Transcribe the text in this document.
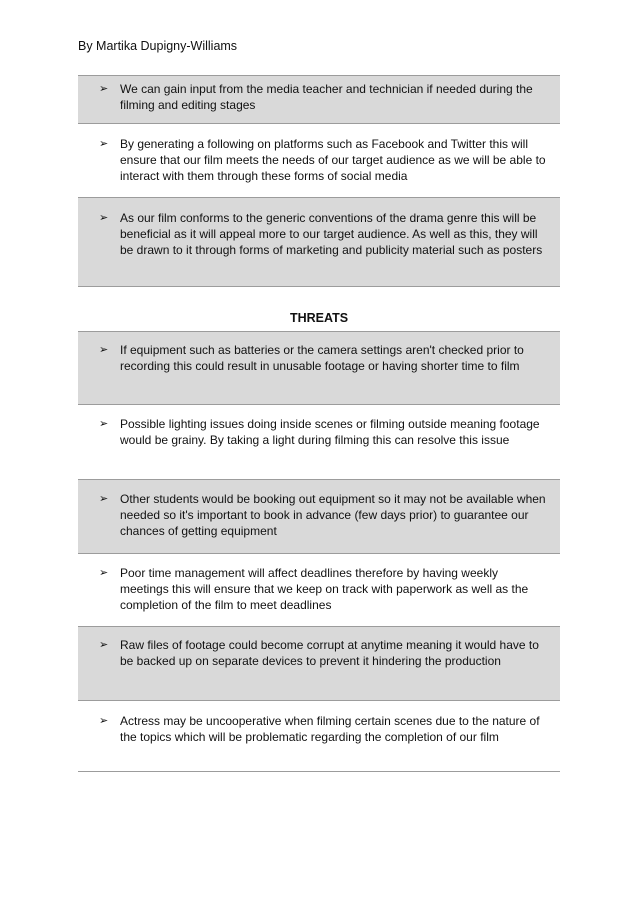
By Martika Dupigny-Williams
➢ We can gain input from the media teacher and technician if needed during the filming and editing stages
➢ By generating a following on platforms such as Facebook and Twitter this will ensure that our film meets the needs of our target audience as we will be able to interact with them through these forms of social media
➢ As our film conforms to the generic conventions of the drama genre this will be beneficial as it will appeal more to our target audience. As well as this, they will be drawn to it through forms of marketing and publicity material such as posters
THREATS
➢ If equipment such as batteries or the camera settings aren't checked prior to recording this could result in unusable footage or having shorter time to film
➢ Possible lighting issues doing inside scenes or filming outside meaning footage would be grainy. By taking a light during filming this can resolve this issue
➢ Other students would be booking out equipment so it may not be available when needed so it's important to book in advance (few days prior) to guarantee our chances of getting equipment
➢ Poor time management will affect deadlines therefore by having weekly meetings this will ensure that we keep on track with paperwork as well as the completion of the film to meet deadlines
➢ Raw files of footage could become corrupt at anytime meaning it would have to be backed up on separate devices to prevent it hindering the production
➢ Actress may be uncooperative when filming certain scenes due to the nature of the topics which will be problematic regarding the completion of our film
